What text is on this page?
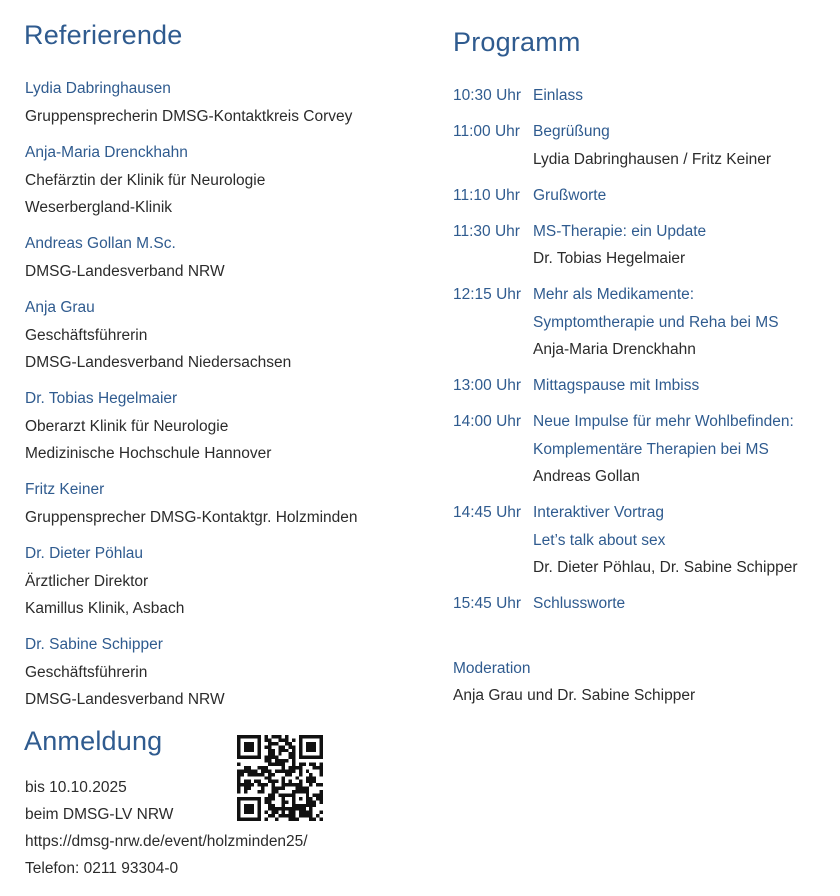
Referierende
Lydia Dabringhausen
Gruppensprecherin DMSG-Kontaktkreis Corvey
Anja-Maria Drenckhahn
Chefärztin der Klinik für Neurologie
Weserbergland-Klinik
Andreas Gollan M.Sc.
DMSG-Landesverband NRW
Anja Grau
Geschäftsführerin
DMSG-Landesverband Niedersachsen
Dr. Tobias Hegelmaier
Oberarzt Klinik für Neurologie
Medizinische Hochschule Hannover
Fritz Keiner
Gruppensprecher DMSG-Kontaktgr. Holzminden
Dr. Dieter Pöhlau
Ärztlicher Direktor
Kamillus Klinik, Asbach
Dr. Sabine Schipper
Geschäftsführerin
DMSG-Landesverband NRW
Anmeldung
bis 10.10.2025
beim DMSG-LV NRW
https://dmsg-nrw.de/event/holzminden25/
Telefon: 0211 93304-0
Programm
10:30 Uhr Einlass
11:00 Uhr Begrüßung
Lydia Dabringhausen / Fritz Keiner
11:10 Uhr Grußworte
11:30 Uhr MS-Therapie: ein Update
Dr. Tobias Hegelmaier
12:15 Uhr Mehr als Medikamente:
Symptomtherapie und Reha bei MS
Anja-Maria Drenckhahn
13:00 Uhr Mittagspause mit Imbiss
14:00 Uhr Neue Impulse für mehr Wohlbefinden:
Komplementäre Therapien bei MS
Andreas Gollan
14:45 Uhr Interaktiver Vortrag
Let’s talk about sex
Dr. Dieter Pöhlau, Dr. Sabine Schipper
15:45 Uhr Schlussworte
Moderation
Anja Grau und Dr. Sabine Schipper
